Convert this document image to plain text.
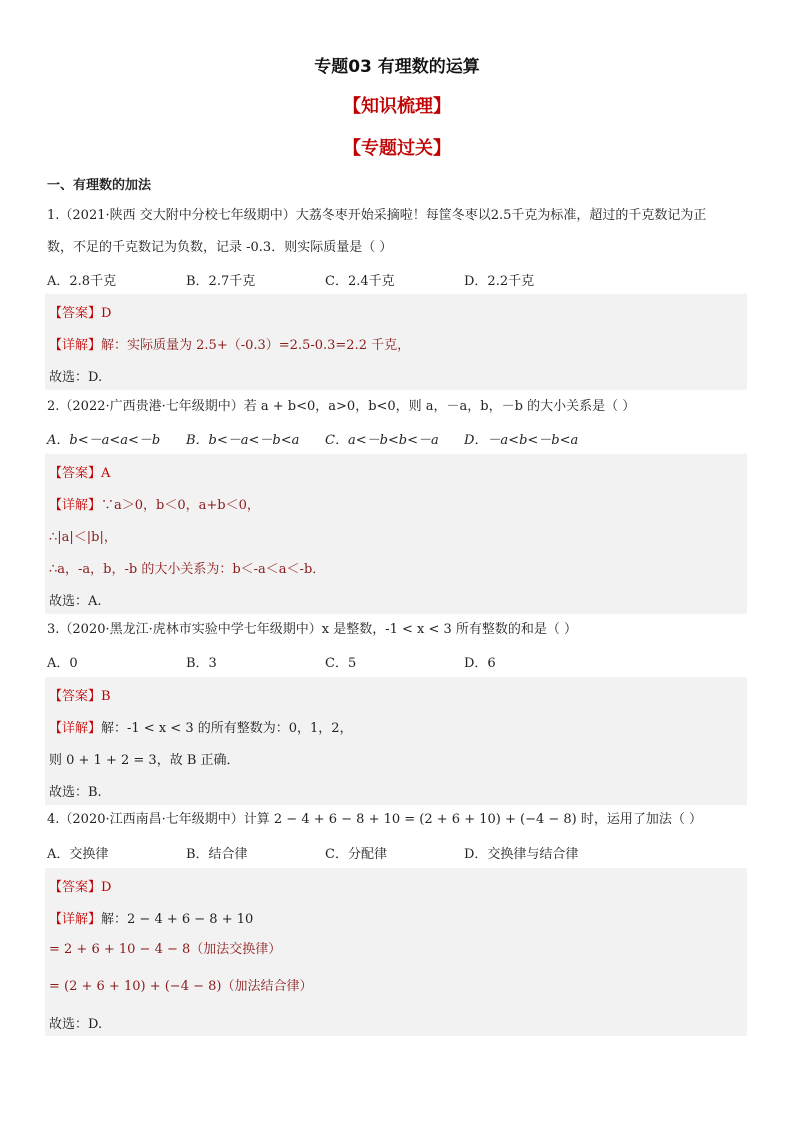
专题03 有理数的运算
【知识梳理】
【专题过关】
一、有理数的加法
1.（2021·陕西 交大附中分校七年级期中）大荔冬枣开始采摘啦！每筐冬枣以2.5千克为标准，超过的千克数记为正
数，不足的千克数记为负数，记录 -0.3．则实际质量是（ ）
A．2.8千克	B．2.7千克	C．2.4千克	D．2.2千克
【答案】D
【详解】解：实际质量为 2.5+（-0.3）=2.5-0.3=2.2 千克，
故选：D.
2.（2022·广西贵港·七年级期中）若 a + b<0，a>0，b<0，则 a，－a，b，－b 的大小关系是（ ）
A．b<－a<a<－b B．b<－a<－b<a C．a<－b<b<－a D．－a<b<－b<a
【答案】A
【详解】∵a＞0，b＜0，a+b＜0，
∴|a|＜|b|，
∴a，-a，b，-b 的大小关系为：b＜-a＜a＜-b．
故选：A.
3.（2020·黑龙江·虎林市实验中学七年级期中）x 是整数，-1 < x < 3 所有整数的和是（ ）
A．0	B．3	C．5	D．6
【答案】B
【详解】解：-1 < x < 3 的所有整数为：0，1，2，
则 0 + 1 + 2 = 3，故 B 正确．
故选：B.
4.（2020·江西南昌·七年级期中）计算 2 − 4 + 6 − 8 + 10 = (2 + 6 + 10) + (−4 − 8) 时，运用了加法（ ）
A．交换律	B．结合律	C．分配律	D．交换律与结合律
【答案】D
【详解】解：2 − 4 + 6 − 8 + 10
= 2 + 6 + 10 − 4 − 8（加法交换律）
= (2 + 6 + 10) + (−4 − 8)（加法结合律）
故选：D.
